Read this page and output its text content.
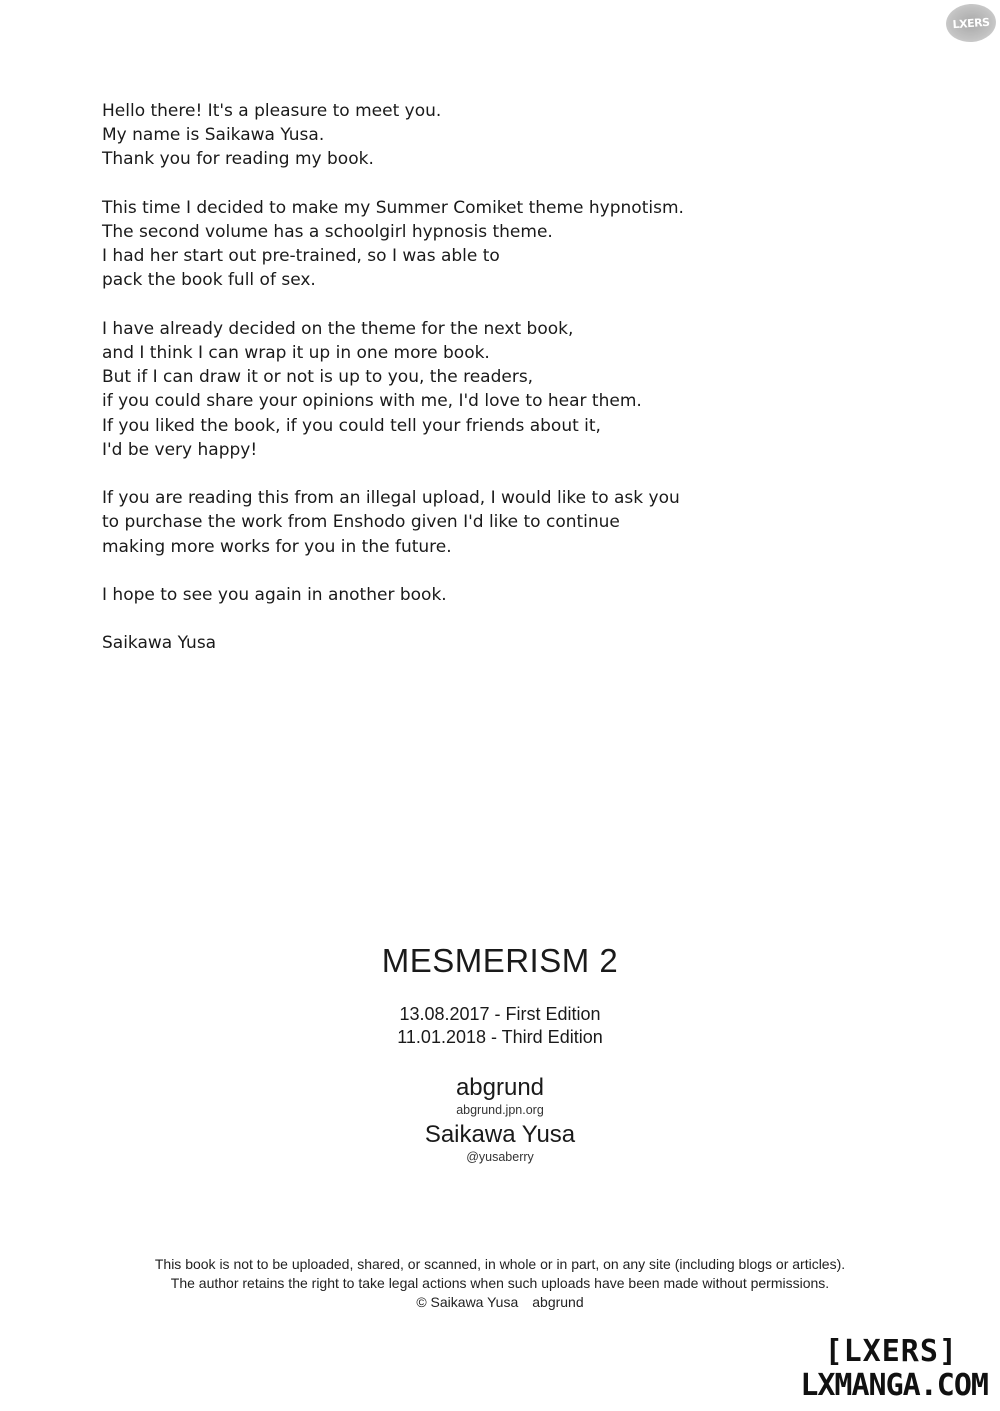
LXERS

Hello there! It's a pleasure to meet you.
My name is Saikawa Yusa.
Thank you for reading my book.

This time I decided to make my Summer Comiket theme hypnotism.
The second volume has a schoolgirl hypnosis theme.
I had her start out pre-trained, so I was able to
pack the book full of sex.

I have already decided on the theme for the next book,
and I think I can wrap it up in one more book.
But if I can draw it or not is up to you, the readers,
if you could share your opinions with me, I'd love to hear them.
If you liked the book, if you could tell your friends about it,
I'd be very happy!

If you are reading this from an illegal upload, I would like to ask you
to purchase the work from Enshodo given I'd like to continue
making more works for you in the future.

I hope to see you again in another book.

Saikawa Yusa

MESMERISM 2
13.08.2017 - First Edition
11.01.2018 - Third Edition
abgrund
abgrund.jpn.org
Saikawa Yusa
@yusaberry
This book is not to be uploaded, shared, or scanned, in whole or in part, on any site (including blogs or articles).
The author retains the right to take legal actions when such uploads have been made without permissions.
© Saikawa Yusa abgrund
[LXERS]
LXMANGA.COM
